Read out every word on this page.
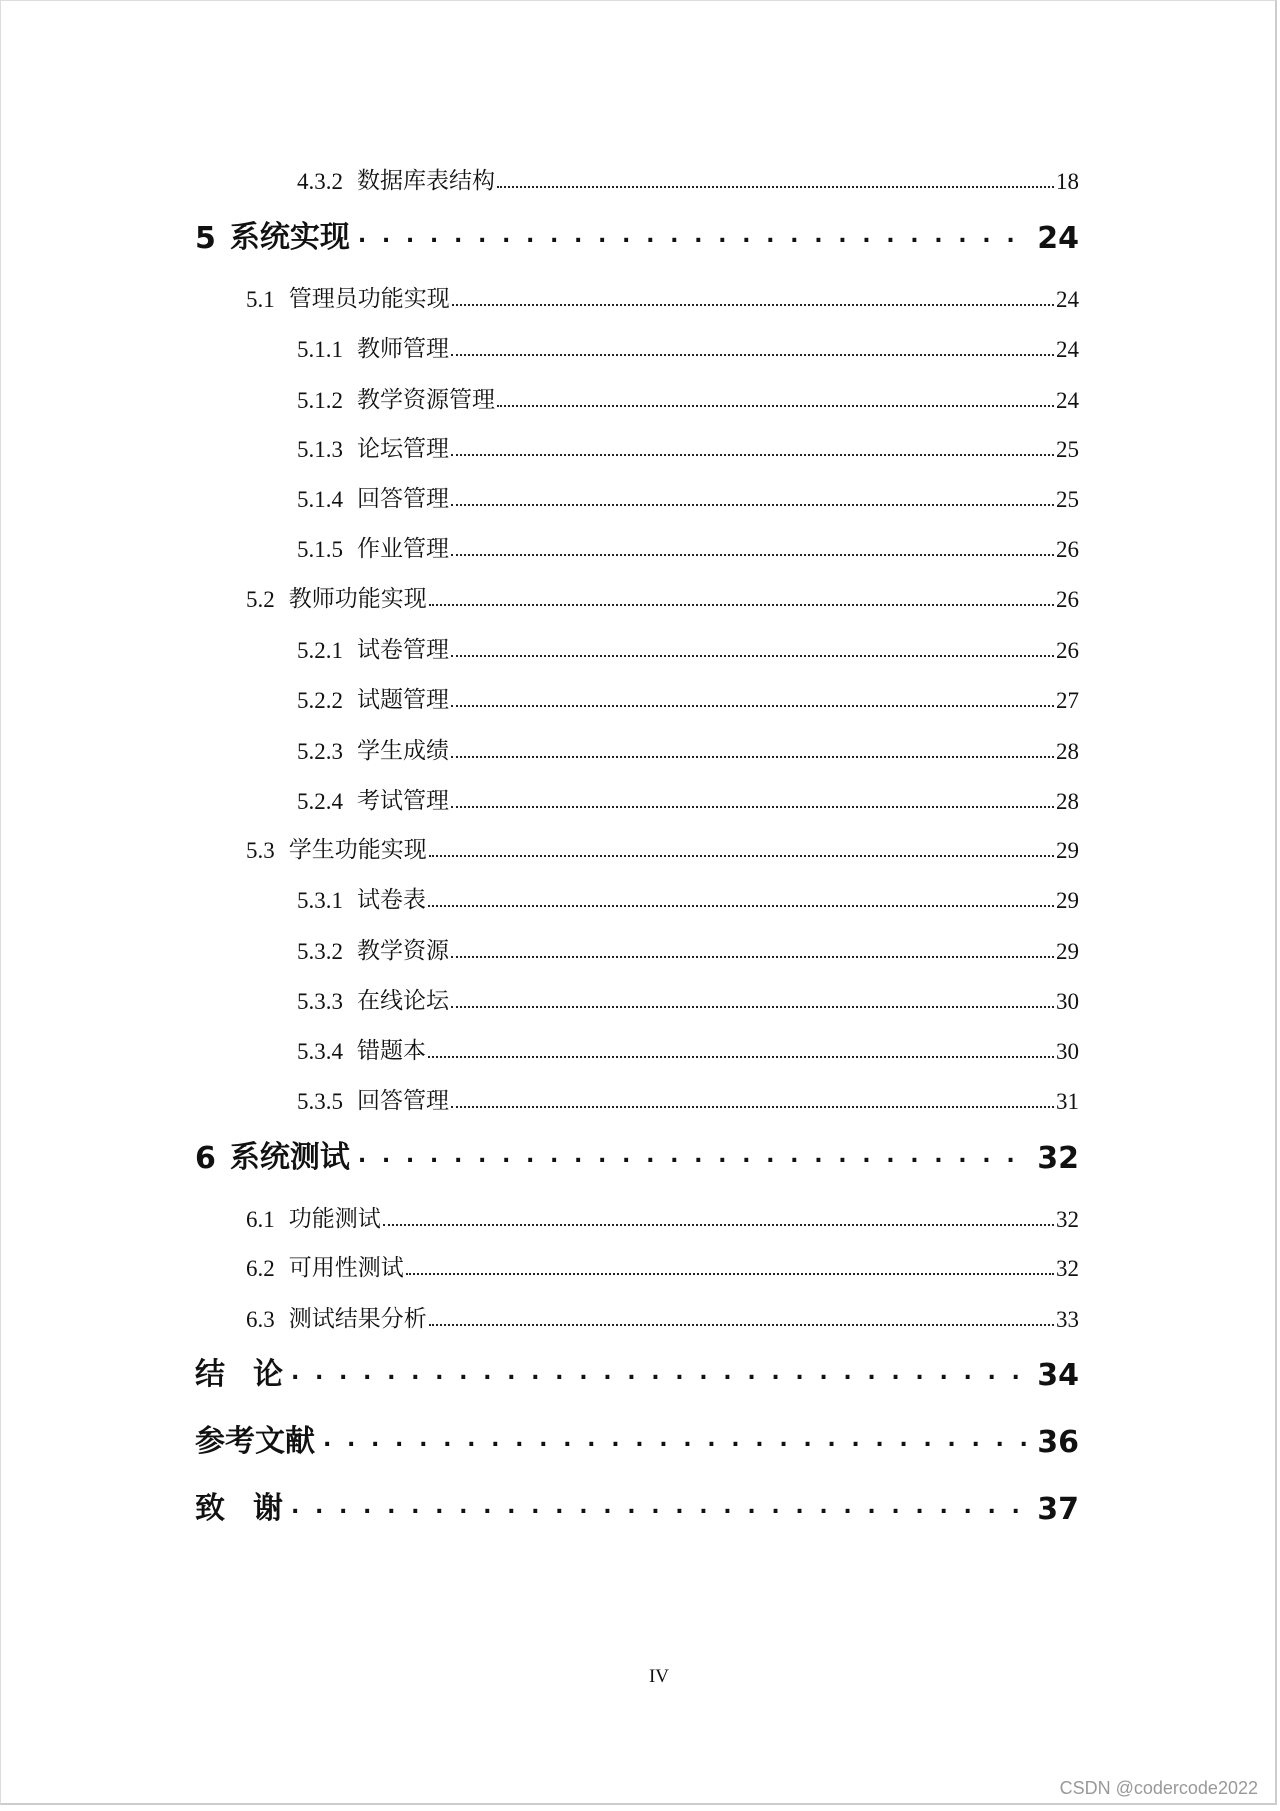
4.3.2 数据库表结构	18
5 系统实现 . . .	24
5.1 管理员功能实现	24
5.1.1 教师管理	24
5.1.2 教学资源管理	24
5.1.3 论坛管理	25
5.1.4 回答管理	25
5.1.5 作业管理	26
5.2 教师功能实现	26
5.2.1 试卷管理	26
5.2.2 试题管理	27
5.2.3 学生成绩	28
5.2.4 考试管理	28
5.3 学生功能实现	29
5.3.1 试卷表	29
5.3.2 教学资源	29
5.3.3 在线论坛	30
5.3.4 错题本	30
5.3.5 回答管理	31
6 系统测试 . . .	32
6.1 功能测试	32
6.2 可用性测试	32
6.3 测试结果分析	33
结论 . . .	34
参考文献 . . .	36
致谢 . . .	37
IV
CSDN @codercode2022
